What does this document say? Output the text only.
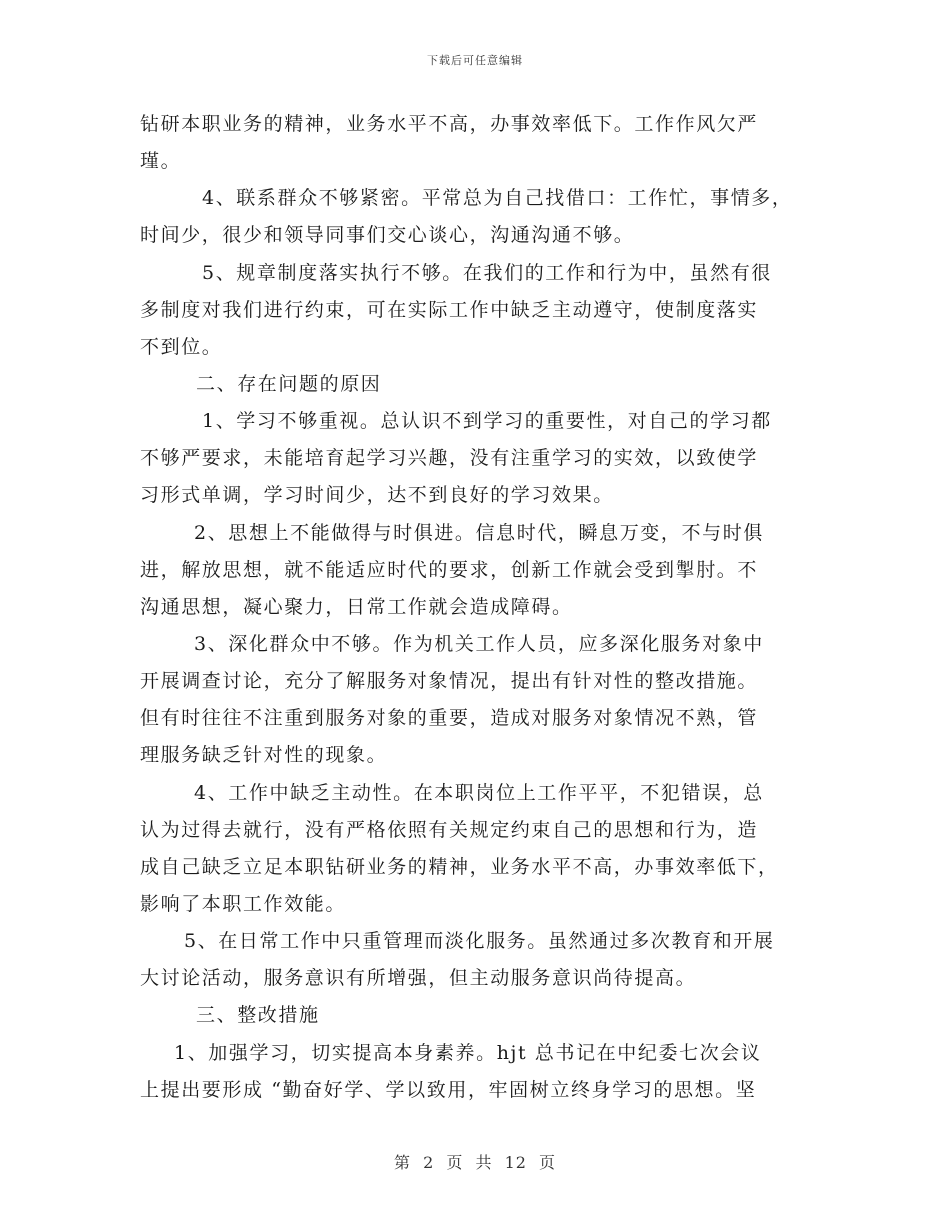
下载后可任意编辑
钻研本职业务的精神，业务水平不高，办事效率低下。工作作风欠严
瑾。
4、联系群众不够紧密。平常总为自己找借口：工作忙，事情多，
时间少，很少和领导同事们交心谈心，沟通沟通不够。
5、规章制度落实执行不够。在我们的工作和行为中，虽然有很
多制度对我们进行约束，可在实际工作中缺乏主动遵守，使制度落实
不到位。
二、存在问题的原因
1、学习不够重视。总认识不到学习的重要性，对自己的学习都
不够严要求，未能培育起学习兴趣，没有注重学习的实效，以致使学
习形式单调，学习时间少，达不到良好的学习效果。
2、思想上不能做得与时俱进。信息时代，瞬息万变，不与时俱
进，解放思想，就不能适应时代的要求，创新工作就会受到掣肘。不
沟通思想，凝心聚力，日常工作就会造成障碍。
3、深化群众中不够。作为机关工作人员，应多深化服务对象中
开展调查讨论，充分了解服务对象情况，提出有针对性的整改措施。
但有时往往不注重到服务对象的重要，造成对服务对象情况不熟，管
理服务缺乏针对性的现象。
4、工作中缺乏主动性。在本职岗位上工作平平，不犯错误，总
认为过得去就行，没有严格依照有关规定约束自己的思想和行为，造
成自己缺乏立足本职钻研业务的精神，业务水平不高，办事效率低下，
影响了本职工作效能。
5、在日常工作中只重管理而淡化服务。虽然通过多次教育和开展
大讨论活动，服务意识有所增强，但主动服务意识尚待提高。
三、整改措施
1、加强学习，切实提高本身素养。hjt 总书记在中纪委七次会议
上提出要形成 “勤奋好学、学以致用，牢固树立终身学习的思想。坚
第 2 页 共 12 页
